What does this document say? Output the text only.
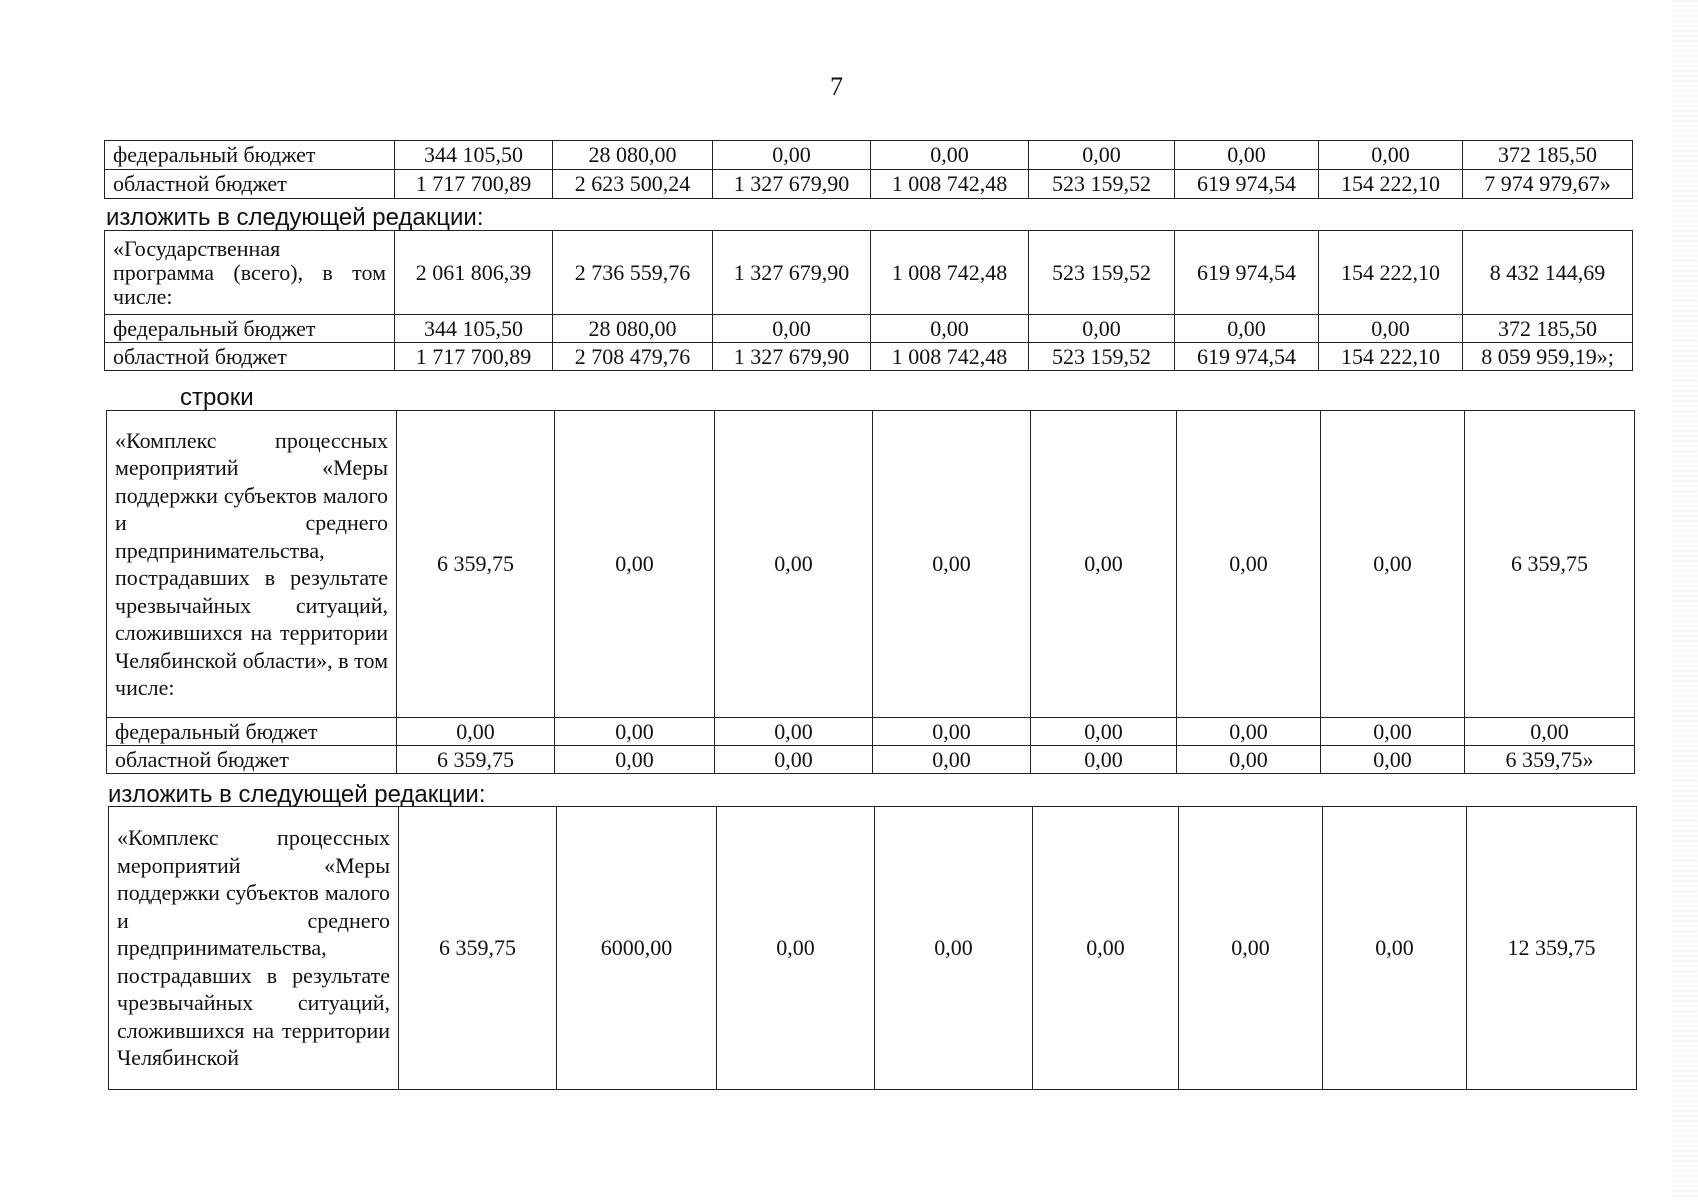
7
федеральный бюджет	344 105,50	28 080,00	0,00	0,00	0,00	0,00	0,00	372 185,50
областной бюджет	1 717 700,89	2 623 500,24	1 327 679,90	1 008 742,48	523 159,52	619 974,54	154 222,10	7 974 979,67»
изложить в следующей редакции:
«Государственная программа (всего), в том числе:	2 061 806,39	2 736 559,76	1 327 679,90	1 008 742,48	523 159,52	619 974,54	154 222,10	8 432 144,69
федеральный бюджет	344 105,50	28 080,00	0,00	0,00	0,00	0,00	0,00	372 185,50
областной бюджет	1 717 700,89	2 708 479,76	1 327 679,90	1 008 742,48	523 159,52	619 974,54	154 222,10	8 059 959,19»;
строки
«Комплекс процессных мероприятий «Меры поддержки субъектов малого и среднего предпринимательства, пострадавших в результате чрезвычайных ситуаций, сложившихся на территории Челябинской области», в том числе:	6 359,75	0,00	0,00	0,00	0,00	0,00	0,00	6 359,75
федеральный бюджет	0,00	0,00	0,00	0,00	0,00	0,00	0,00	0,00
областной бюджет	6 359,75	0,00	0,00	0,00	0,00	0,00	0,00	6 359,75»
изложить в следующей редакции:
«Комплекс процессных мероприятий «Меры поддержки субъектов малого и среднего предпринимательства, пострадавших в результате чрезвычайных ситуаций, сложившихся на территории Челябинской	6 359,75	6000,00	0,00	0,00	0,00	0,00	0,00	12 359,75
